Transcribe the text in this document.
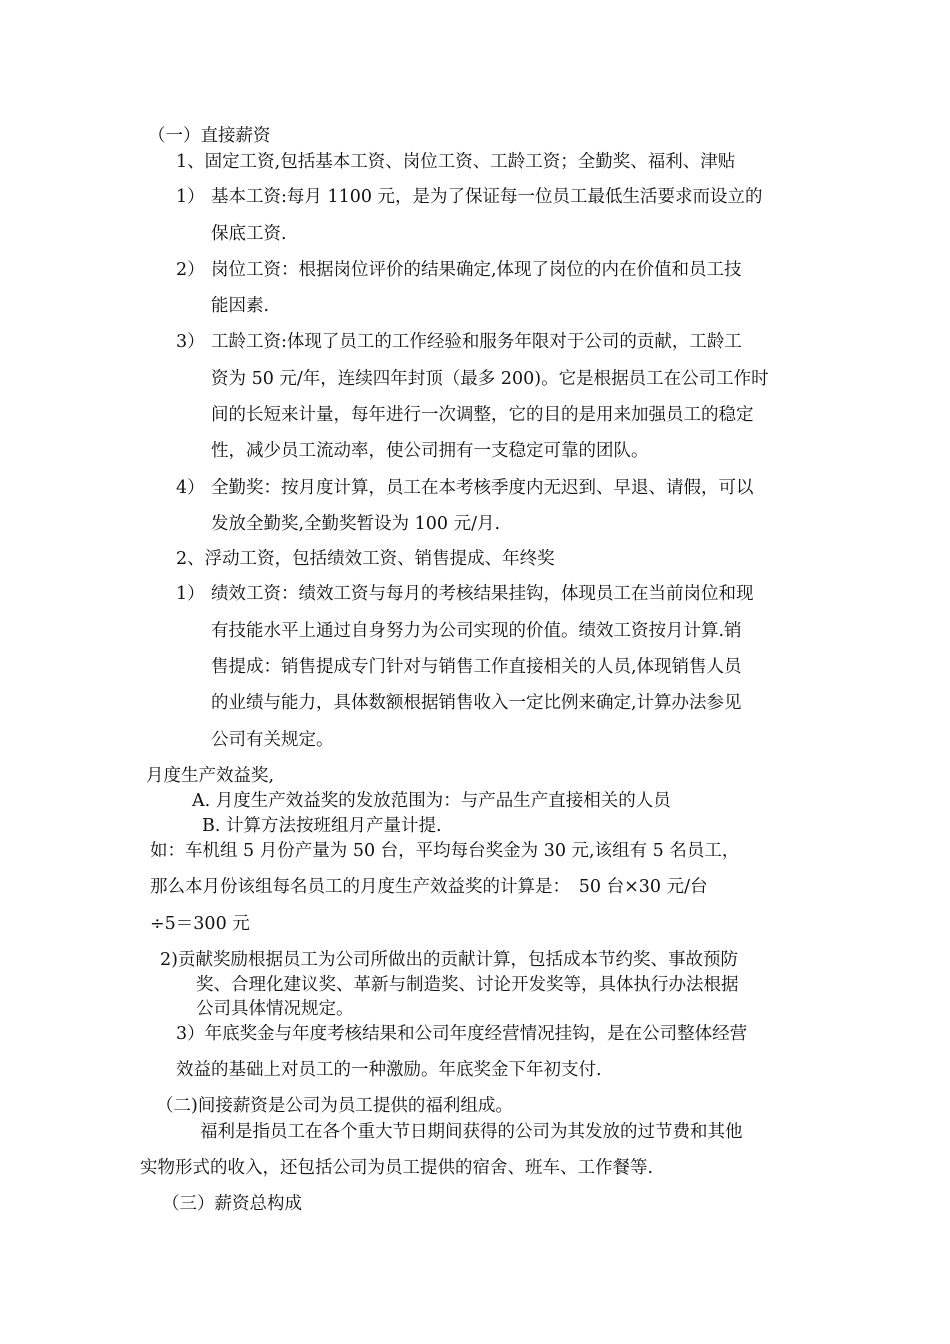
（一）直接薪资
1、固定工资,包括基本工资、岗位工资、工龄工资；全勤奖、福利、津贴
1） 基本工资:每月 1100 元，是为了保证每一位员工最低生活要求而设立的
保底工资.
2） 岗位工资：根据岗位评价的结果确定,体现了岗位的内在价值和员工技
能因素.
3） 工龄工资:体现了员工的工作经验和服务年限对于公司的贡献，工龄工
资为 50 元/年，连续四年封顶（最多 200)。它是根据员工在公司工作时
间的长短来计量，每年进行一次调整，它的目的是用来加强员工的稳定
性，减少员工流动率，使公司拥有一支稳定可靠的团队。
4） 全勤奖：按月度计算，员工在本考核季度内无迟到、早退、请假，可以
发放全勤奖,全勤奖暂设为 100 元/月.
2、浮动工资，包括绩效工资、销售提成、年终奖
1） 绩效工资：绩效工资与每月的考核结果挂钩，体现员工在当前岗位和现
有技能水平上通过自身努力为公司实现的价值。绩效工资按月计算.销
售提成：销售提成专门针对与销售工作直接相关的人员,体现销售人员
的业绩与能力，具体数额根据销售收入一定比例来确定,计算办法参见
公司有关规定。
月度生产效益奖,
A. 月度生产效益奖的发放范围为：与产品生产直接相关的人员
B. 计算方法按班组月产量计提.
如：车机组 5 月份产量为 50 台，平均每台奖金为 30 元,该组有 5 名员工，
那么本月份该组每名员工的月度生产效益奖的计算是：　50 台×30 元/台
÷5＝300 元
2)贡献奖励根据员工为公司所做出的贡献计算，包括成本节约奖、事故预防
奖、合理化建议奖、革新与制造奖、讨论开发奖等，具体执行办法根据
公司具体情况规定。
3）年底奖金与年度考核结果和公司年度经营情况挂钩，是在公司整体经营
效益的基础上对员工的一种激励。年底奖金下年初支付.
（二)间接薪资是公司为员工提供的福利组成。
福利是指员工在各个重大节日期间获得的公司为其发放的过节费和其他
实物形式的收入，还包括公司为员工提供的宿舍、班车、工作餐等.
（三）薪资总构成
